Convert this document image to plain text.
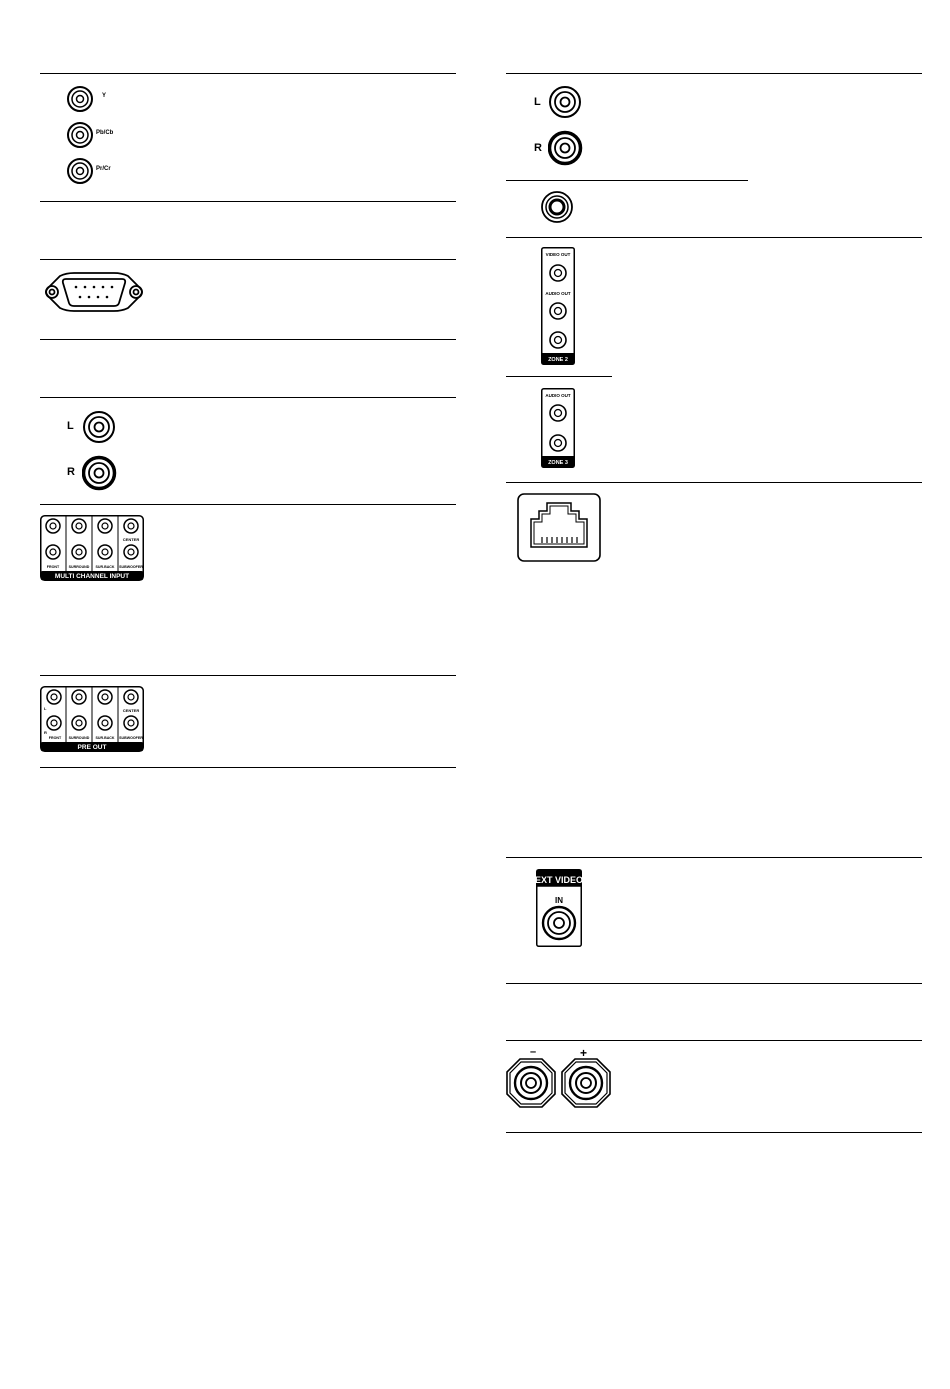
Y
Pb/Cb
Pr/Cr
L
R
CENTER
FRONT	SURROUND SUR.BACK SUBWOOFER
MULTI CHANNEL INPUT
L
R
CENTER
FRONT SURROUND SUR.BACK SUBWOOFER
PRE OUT
L
R
VIDEO OUT
AUDIO OUT
ZONE 2
AUDIO OUT
ZONE 3
EXT VIDEO
IN
–	+
